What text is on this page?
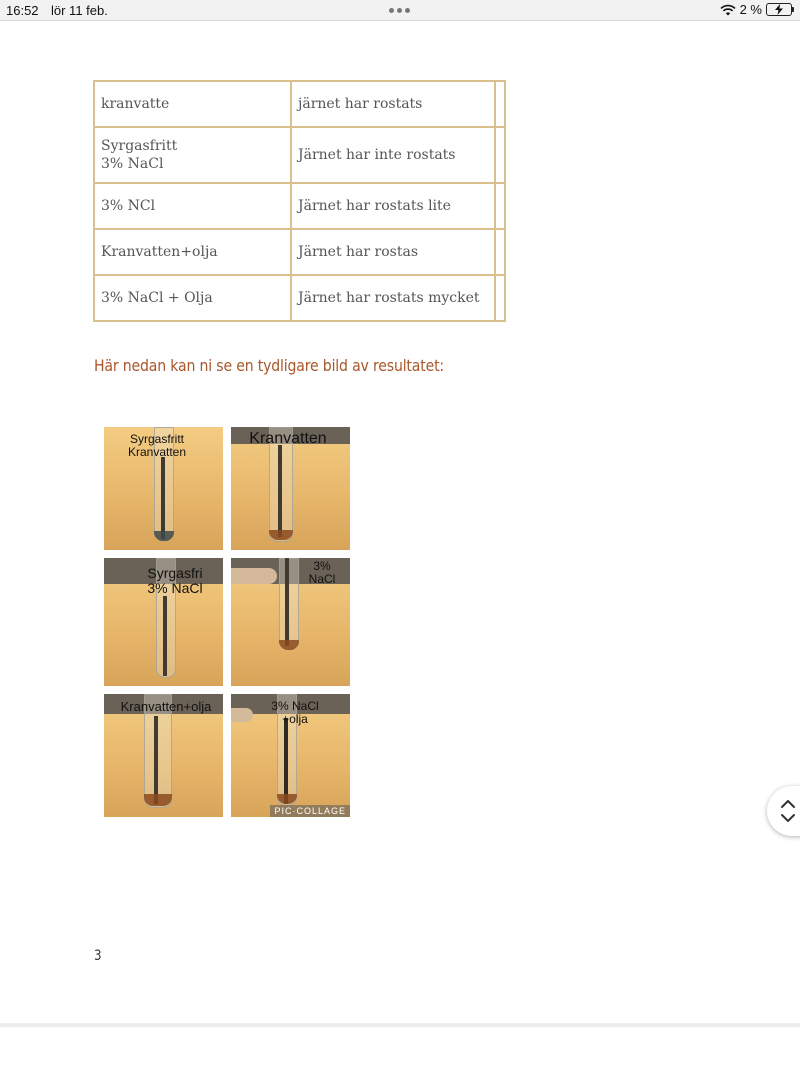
16:52 lör 11 feb.	2 %
kranvatte	järnet har rostats	

Syrgasfritt
3% NaCl	Järnet har inte rostats	

3% NCl	Järnet har rostats lite	

Kranvatten+olja	Järnet har rostas	

3% NaCl + Olja	Järnet har rostats mycket	

Här nedan kan ni se en tydligare bild av resultatet:
Syrgasfritt
Kranvatten
Kranvatten
Syrgasfri
3% NaCl
3%
NaCl
Kranvatten+olja	3% NaCl
+olja
PIC·COLLAGE
3
